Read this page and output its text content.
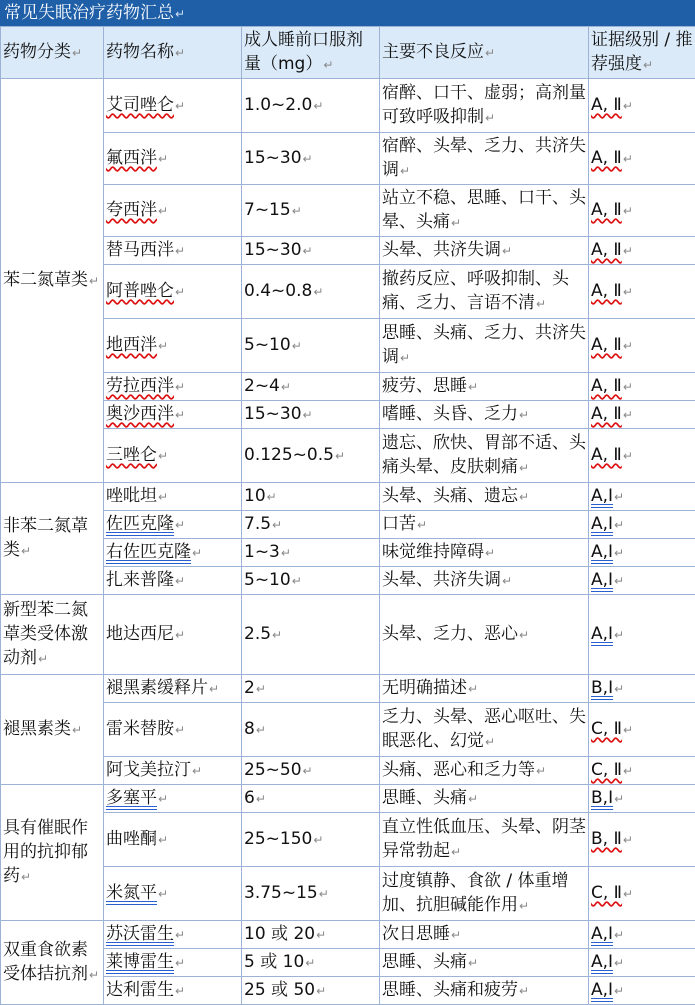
常见失眠治疗药物汇总↵
药物分类↵	药物名称↵	成人睡前口服剂量（mg）↵	主要不良反应↵	证据级别 / 推荐强度↵
苯二氮䓬类↵	艾司唑仑↵	1.0~2.0↵	宿醉、口干、虚弱；高剂量可致呼吸抑制↵	A, Ⅱ↵
	氟西泮↵	15~30↵	宿醉、头晕、乏力、共济失调↵	A, Ⅱ↵
	夸西泮↵	7~15↵	站立不稳、思睡、口干、头晕、头痛↵	A, Ⅱ↵
	替马西泮↵	15~30↵	头晕、共济失调↵	A, Ⅱ↵
	阿普唑仑↵	0.4~0.8↵	撤药反应、呼吸抑制、头痛、乏力、言语不清↵	A, Ⅱ↵
	地西泮↵	5~10↵	思睡、头痛、乏力、共济失调↵	A, Ⅱ↵
	劳拉西泮↵	2~4↵	疲劳、思睡↵	A, Ⅱ↵
	奥沙西泮↵	15~30↵	嗜睡、头昏、乏力↵	A, Ⅱ↵
	三唑仑↵	0.125~0.5↵	遗忘、欣快、胃部不适、头痛头晕、皮肤刺痛↵	A, Ⅱ↵
非苯二氮䓬类↵	唑吡坦↵	10↵	头晕、头痛、遗忘↵	A,Ⅰ↵
	佐匹克隆↵	7.5↵	口苦↵	A,Ⅰ↵
	右佐匹克隆↵	1~3↵	味觉维持障碍↵	A,Ⅰ↵
	扎来普隆↵	5~10↵	头晕、共济失调↵	A,Ⅰ↵
新型苯二氮䓬类受体激动剂↵	地达西尼↵	2.5↵	头晕、乏力、恶心↵	A,Ⅰ↵
褪黑素类↵	褪黑素缓释片↵	2↵	无明确描述↵	B,Ⅰ↵
	雷米替胺↵	8↵	乏力、头晕、恶心呕吐、失眠恶化、幻觉↵	C, Ⅱ↵
	阿戈美拉汀↵	25~50↵	头痛、恶心和乏力等↵	C, Ⅱ↵
具有催眠作用的抗抑郁药↵	多塞平↵	6↵	思睡、头痛↵	B,Ⅰ↵
	曲唑酮↵	25~150↵	直立性低血压、头晕、阴茎异常勃起↵	B, Ⅱ↵
	米氮平↵	3.75~15↵	过度镇静、食欲 / 体重增加、抗胆碱能作用↵	C, Ⅱ↵
双重食欲素受体拮抗剂↵	苏沃雷生↵	10 或 20↵	次日思睡↵	A,Ⅰ↵
	莱博雷生↵	5 或 10↵	思睡、头痛↵	A,Ⅰ↵
	达利雷生↵	25 或 50↵	思睡、头痛和疲劳↵	A,Ⅰ↵
